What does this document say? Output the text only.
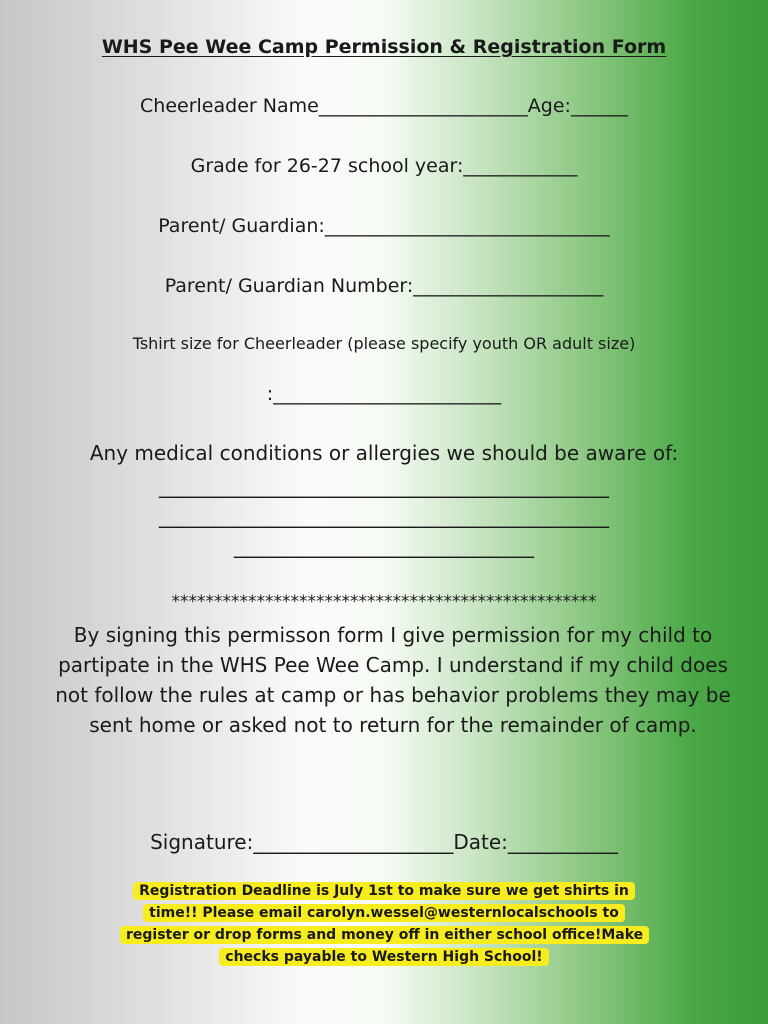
WHS Pee Wee Camp Permission & Registration Form
Cheerleader Name______________________Age:______
Grade for 26-27 school year:____________
Parent/ Guardian:______________________________
Parent/ Guardian Number:____________________
Tshirt size for Cheerleader (please specify youth OR adult size)
:________________________
Any medical conditions or allergies we should be aware of:
_____________________________________________
_____________________________________________
______________________________
**************************************************
By signing this permisson form I give permission for my child to partipate in the WHS Pee Wee Camp. I understand if my child does not follow the rules at camp or has behavior problems they may be sent home or asked not to return for the remainder of camp.
Signature:____________________Date:___________
Registration Deadline is July 1st to make sure we get shirts in time!! Please email carolyn.wessel@westernlocalschools to register or drop forms and money off in either school office!Make checks payable to Western High School!
